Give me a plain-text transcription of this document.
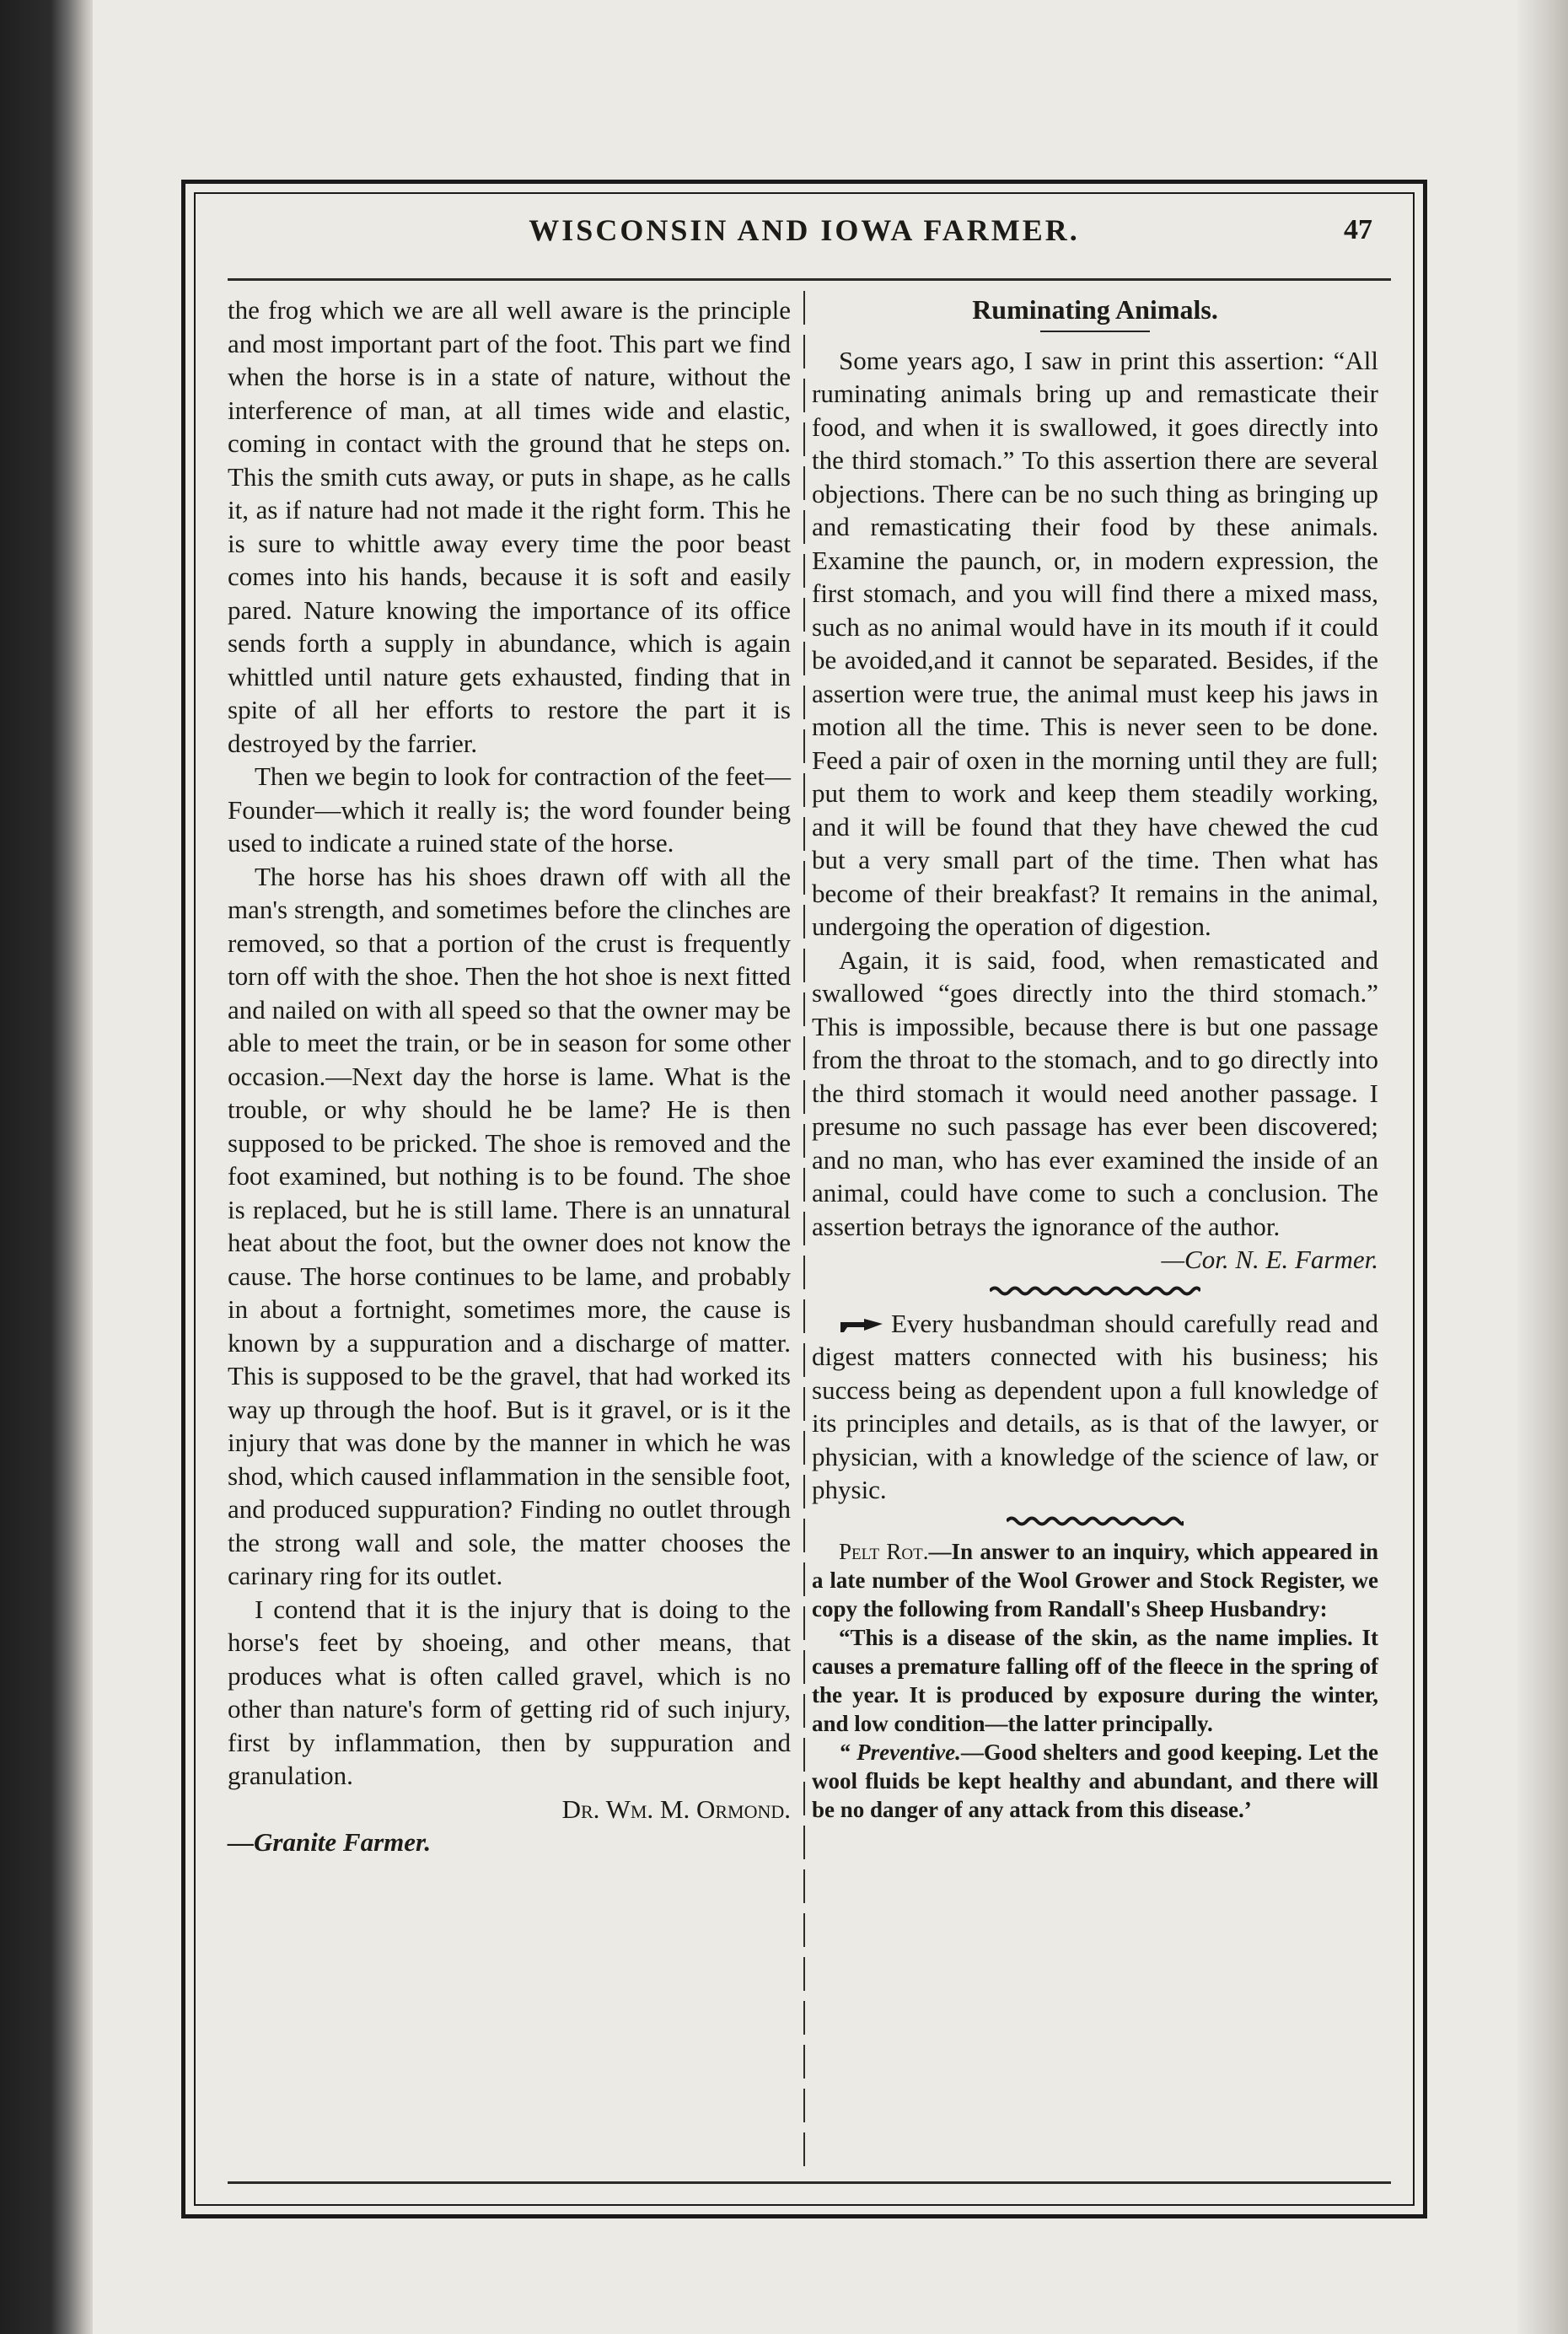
WISCONSIN AND IOWA FARMER.	47

the frog which we are all well aware is the principle and most important part of the foot. This part we find when the horse is in a state of nature, without the interference of man, at all times wide and elastic, coming in contact with the ground that he steps on. This the smith cuts away, or puts in shape, as he calls it, as if nature had not made it the right form. This he is sure to whittle away every time the poor beast comes into his hands, because it is soft and easily pared. Nature knowing the importance of its office sends forth a supply in abundance, which is again whittled until nature gets exhausted, finding that in spite of all her efforts to restore the part it is destroyed by the farrier.

Then we begin to look for contraction of the feet—Founder—which it really is; the word founder being used to indicate a ruined state of the horse.

The horse has his shoes drawn off with all the man's strength, and sometimes before the clinches are removed, so that a portion of the crust is frequently torn off with the shoe. Then the hot shoe is next fitted and nailed on with all speed so that the owner may be able to meet the train, or be in season for some other occasion.—Next day the horse is lame. What is the trouble, or why should he be lame? He is then supposed to be pricked. The shoe is removed and the foot examined, but nothing is to be found. The shoe is replaced, but he is still lame. There is an unnatural heat about the foot, but the owner does not know the cause. The horse continues to be lame, and probably in about a fortnight, sometimes more, the cause is known by a suppuration and a discharge of matter. This is supposed to be the gravel, that had worked its way up through the hoof. But is it gravel, or is it the injury that was done by the manner in which he was shod, which caused inflammation in the sensible foot, and produced suppuration? Finding no outlet through the strong wall and sole, the matter chooses the carinary ring for its outlet.

I contend that it is the injury that is doing to the horse's feet by shoeing, and other means, that produces what is often called gravel, which is no other than nature's form of getting rid of such injury, first by inflammation, then by suppuration and granulation.

Dr. Wm. M. Ormond.

—Granite Farmer.

Ruminating Animals.

Some years ago, I saw in print this assertion: “All ruminating animals bring up and remasticate their food, and when it is swallowed, it goes directly into the third stomach.” To this assertion there are several objections. There can be no such thing as bringing up and remasticating their food by these animals. Examine the paunch, or, in modern expression, the first stomach, and you will find there a mixed mass, such as no animal would have in its mouth if it could be avoided,and it cannot be separated. Besides, if the assertion were true, the animal must keep his jaws in motion all the time. This is never seen to be done. Feed a pair of oxen in the morning until they are full; put them to work and keep them steadily working, and it will be found that they have chewed the cud but a very small part of the time. Then what has become of their breakfast? It remains in the animal, undergoing the operation of digestion.

Again, it is said, food, when remasticated and swallowed “goes directly into the third stomach.” This is impossible, because there is but one passage from the throat to the stomach, and to go directly into the third stomach it would need another passage. I presume no such passage has ever been discovered; and no man, who has ever examined the inside of an animal, could have come to such a conclusion. The assertion betrays the ignorance of the author.

—Cor. N. E. Farmer.

Every husbandman should carefully read and digest matters connected with his business; his success being as dependent upon a full knowledge of its principles and details, as is that of the lawyer, or physician, with a knowledge of the science of law, or physic.

Pelt Rot.—In answer to an inquiry, which appeared in a late number of the Wool Grower and Stock Register, we copy the following from Randall's Sheep Husbandry:

“This is a disease of the skin, as the name implies. It causes a premature falling off of the fleece in the spring of the year. It is produced by exposure during the winter, and low condition—the latter principally.

“ Preventive.—Good shelters and good keeping. Let the wool fluids be kept healthy and abundant, and there will be no danger of any attack from this disease.’
